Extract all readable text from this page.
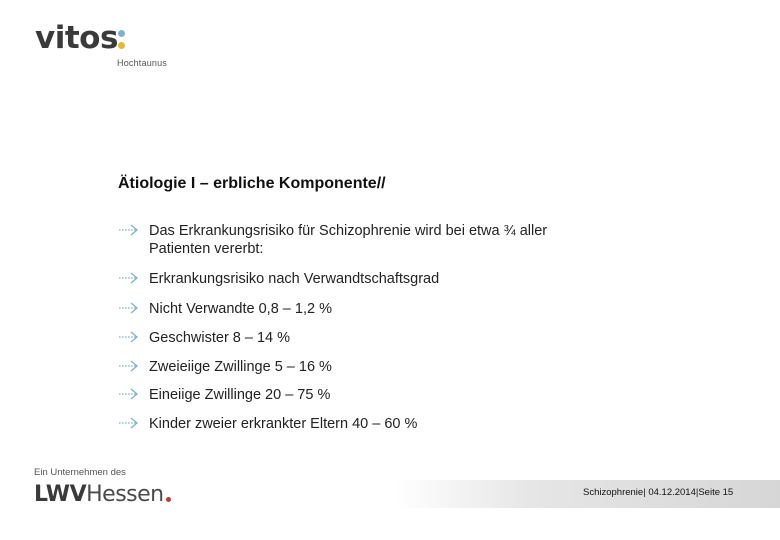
vitos
Hochtaunus
Ätiologie I – erbliche Komponente//
Das Erkrankungsrisiko für Schizophrenie wird bei etwa ¾ aller
Patienten vererbt:
Erkrankungsrisiko nach Verwandtschaftsgrad
Nicht Verwandte 0,8 – 1,2 %
Geschwister 8 – 14 %
Zweieiige Zwillinge 5 – 16 %
Eineiige Zwillinge 20 – 75 %
Kinder zweier erkrankter Eltern 40 – 60 %
Ein Unternehmen des
LWVHessen	Schizophrenie| 04.12.2014|Seite 15
